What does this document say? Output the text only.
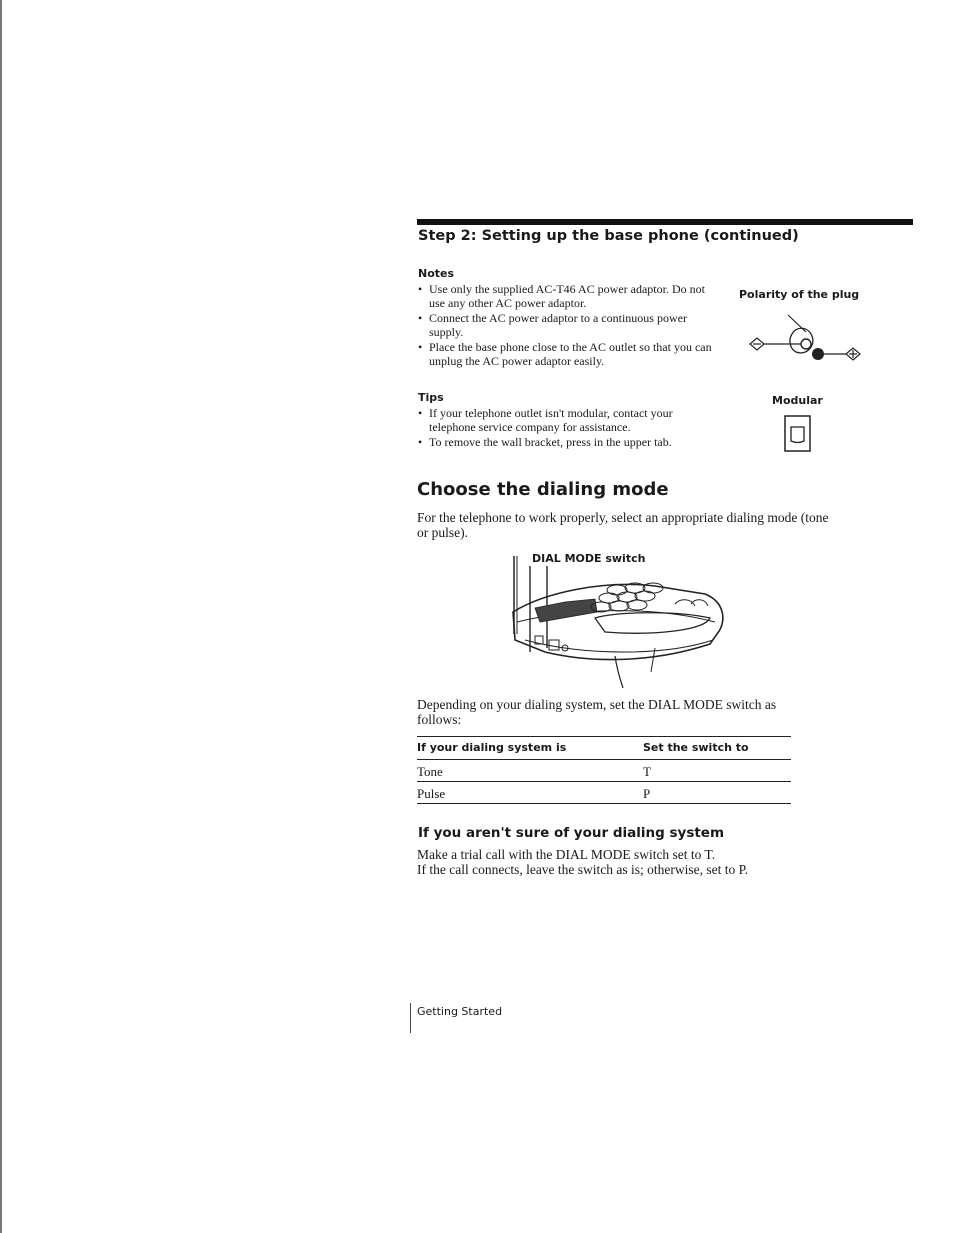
Step 2: Setting up the base phone (continued)
Notes
• Use only the supplied AC-T46 AC power adaptor. Do not use any other AC power adaptor.
• Connect the AC power adaptor to a continuous power supply.
• Place the base phone close to the AC outlet so that you can unplug the AC power adaptor easily.
Polarity of the plug
Tips
• If your telephone outlet isn't modular, contact your telephone service company for assistance.
• To remove the wall bracket, press in the upper tab.
Modular
Choose the dialing mode
For the telephone to work properly, select an appropriate dialing mode (tone or pulse).
DIAL MODE switch
Depending on your dialing system, set the DIAL MODE switch as follows:
If your dialing system is	Set the switch to
Tone	T
Pulse	P
If you aren't sure of your dialing system
Make a trial call with the DIAL MODE switch set to T.
If the call connects, leave the switch as is; otherwise, set to P.
Getting Started
